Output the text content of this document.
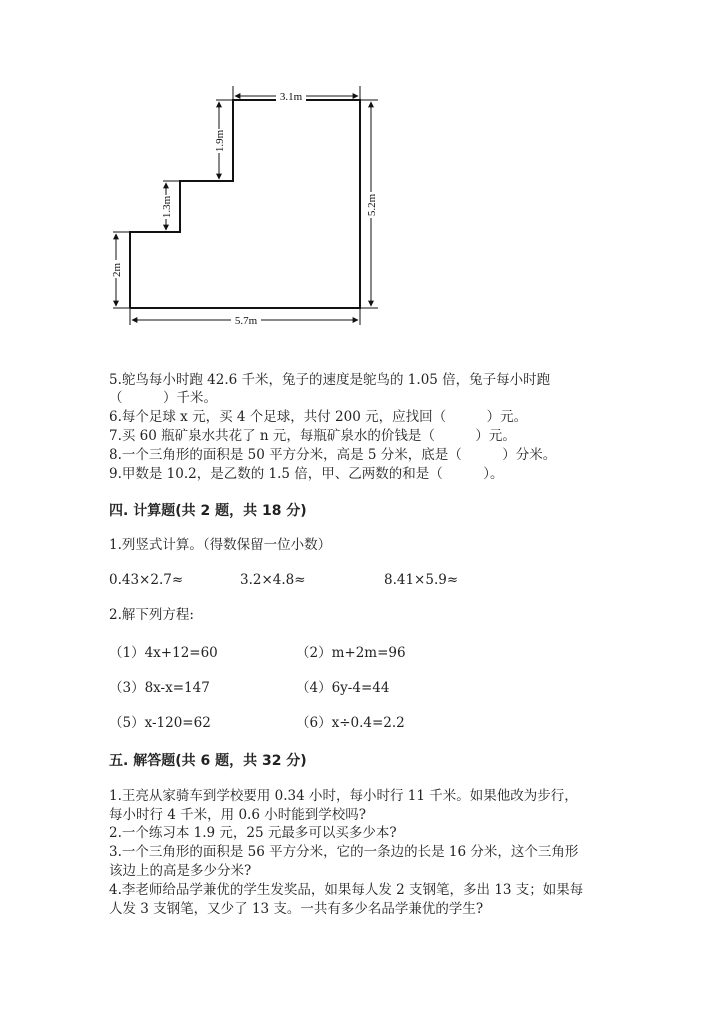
3.1m
1.9m
1.3m
2m
5.2m
5.7m
5.鸵鸟每小时跑 42.6 千米，兔子的速度是鸵鸟的 1.05 倍，兔子每小时跑
（　　　）千米。
6.每个足球 x 元，买 4 个足球，共付 200 元，应找回（　　　）元。
7.买 60 瓶矿泉水共花了 n 元，每瓶矿泉水的价钱是（　　　）元。
8.一个三角形的面积是 50 平方分米，高是 5 分米，底是（　　　）分米。
9.甲数是 10.2，是乙数的 1.5 倍，甲、乙两数的和是（　　　）。
四. 计算题(共 2 题，共 18 分)
1.列竖式计算。（得数保留一位小数）
0.43×2.7≈	3.2×4.8≈	8.41×5.9≈
2.解下列方程:
（1）4x+12=60	（2）m+2m=96
（3）8x-x=147	（4）6y-4=44
（5）x-120=62	（6）x÷0.4=2.2
五. 解答题(共 6 题，共 32 分)
1.王亮从家骑车到学校要用 0.34 小时，每小时行 11 千米。如果他改为步行，
每小时行 4 千米，用 0.6 小时能到学校吗?
2.一个练习本 1.9 元，25 元最多可以买多少本?
3.一个三角形的面积是 56 平方分米，它的一条边的长是 16 分米，这个三角形
该边上的高是多少分米?
4.李老师给品学兼优的学生发奖品，如果每人发 2 支钢笔，多出 13 支；如果每
人发 3 支钢笔，又少了 13 支。一共有多少名品学兼优的学生?
